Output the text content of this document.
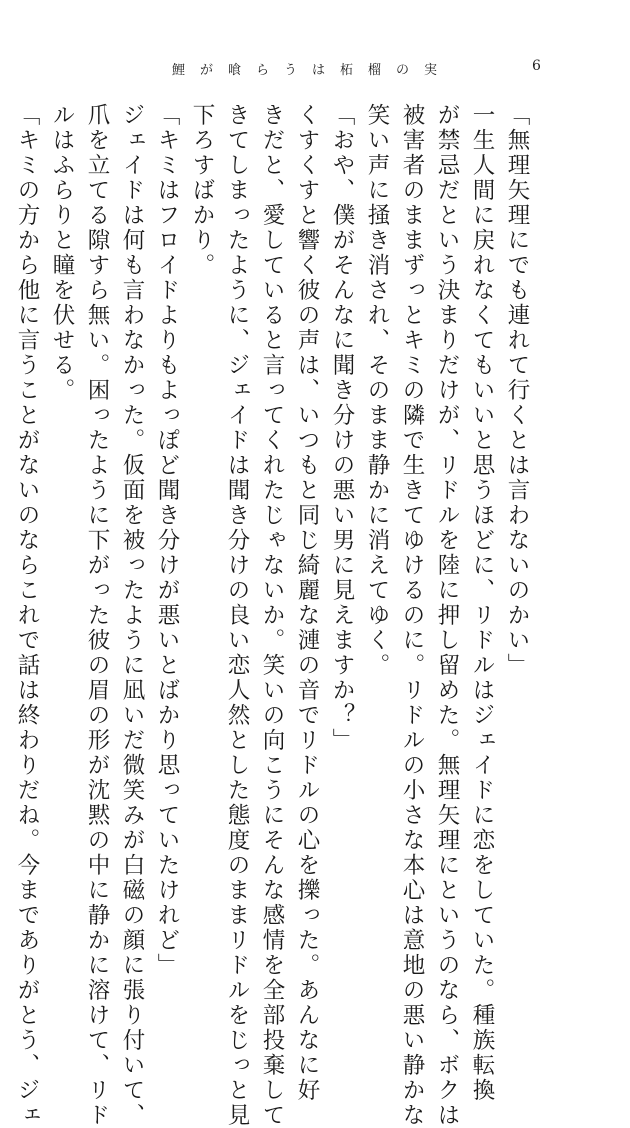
鯉が喰らうは柘榴の実	6
「無理矢理にでも連れて行くとは言わないのかい」
一生人間に戻れなくてもいいと思うほどに、リドルはジェイドに恋をしていた。種族転換
が禁忌だという決まりだけが、リドルを陸に押し留めた。無理矢理にというのなら、ボクは
被害者のままずっとキミの隣で生きてゆけるのに。リドルの小さな本心は意地の悪い静かな
笑い声に掻き消され、そのまま静かに消えてゆく。
「おや、僕がそんなに聞き分けの悪い男に見えますか？」
くすくすと響く彼の声は、いつもと同じ綺麗な漣の音でリドルの心を擽った。あんなに好
きだと、愛していると言ってくれたじゃないか。笑いの向こうにそんな感情を全部投棄して
きてしまったように、ジェイドは聞き分けの良い恋人然とした態度のままリドルをじっと見
下ろすばかり。
「キミはフロイドよりもよっぽど聞き分けが悪いとばかり思っていたけれど」
ジェイドは何も言わなかった。仮面を被ったように凪いだ微笑みが白磁の顔に張り付いて、
爪を立てる隙すら無い。困ったように下がった彼の眉の形が沈黙の中に静かに溶けて、リド
ルはふらりと瞳を伏せる。
「キミの方から他に言うことがないのならこれで話は終わりだね。今までありがとう、ジェ
